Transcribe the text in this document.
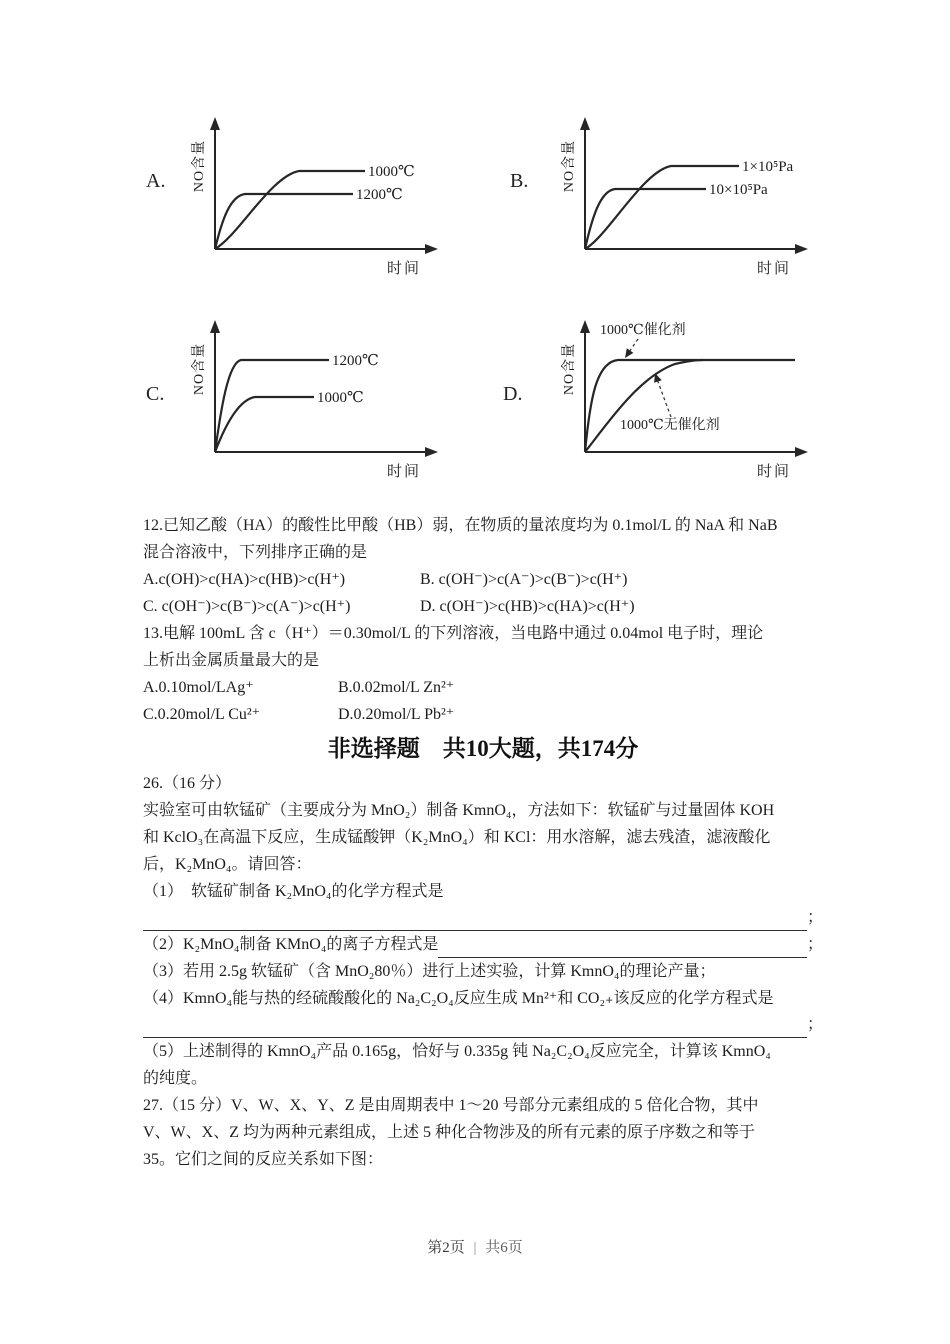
A.	B.
C.	D.
NO含量
时间
1000℃
1200℃
NO含量
时间
1×10⁵Pa
10×10⁵Pa
NO含量
时间
1200℃
1000℃
NO含量
时间
1000℃催化剂
1000℃无催化剂
12.已知乙酸（HA）的酸性比甲酸（HB）弱，在物质的量浓度均为 0.1mol/L 的 NaA 和 NaB
混合溶液中，下列排序正确的是
A.c(OH)>c(HA)>c(HB)>c(H⁺)	B. c(OH⁻)>c(A⁻)>c(B⁻)>c(H⁺)
C. c(OH⁻)>c(B⁻)>c(A⁻)>c(H⁺)	D. c(OH⁻)>c(HB)>c(HA)>c(H⁺)
13.电解 100mL 含 c（H⁺）＝0.30mol/L 的下列溶液，当电路中通过 0.04mol 电子时，理论
上析出金属质量最大的是
A.0.10mol/LAg⁺	B.0.02mol/L Zn²⁺
C.0.20mol/L Cu²⁺	D.0.20mol/L Pb²⁺
非选择题　共10大题，共174分
26.（16 分）
实验室可由软锰矿（主要成分为 MnO₂）制备 KmnO₄，方法如下：软锰矿与过量固体 KOH
和 KclO₃在高温下反应，生成锰酸钾（K₂MnO₄）和 KCl：用水溶解，滤去残渣，滤液酸化
后，K₂MnO₄。请回答：
（1）　软锰矿制备 K₂MnO₄的化学方程式是
；
（2）K₂MnO₄制备 KMnO₄的离子方程式是	；
（3）若用 2.5g 软锰矿（含 MnO₂80％）进行上述实验，计算 KmnO₄的理论产量；
（4）KmnO₄能与热的经硫酸酸化的 Na₂C₂O₄反应生成 Mn²⁺和 CO₂₊该反应的化学方程式是
；
（5）上述制得的 KmnO₄产品 0.165g，恰好与 0.335g 钝 Na₂C₂O₄反应完全，计算该 KmnO₄
的纯度。
27.（15 分）V、W、X、Y、Z 是由周期表中 1～20 号部分元素组成的 5 倍化合物，其中
V、W、X、Z 均为两种元素组成，上述 5 种化合物涉及的所有元素的原子序数之和等于
35。它们之间的反应关系如下图：
第2页 | 共6页
